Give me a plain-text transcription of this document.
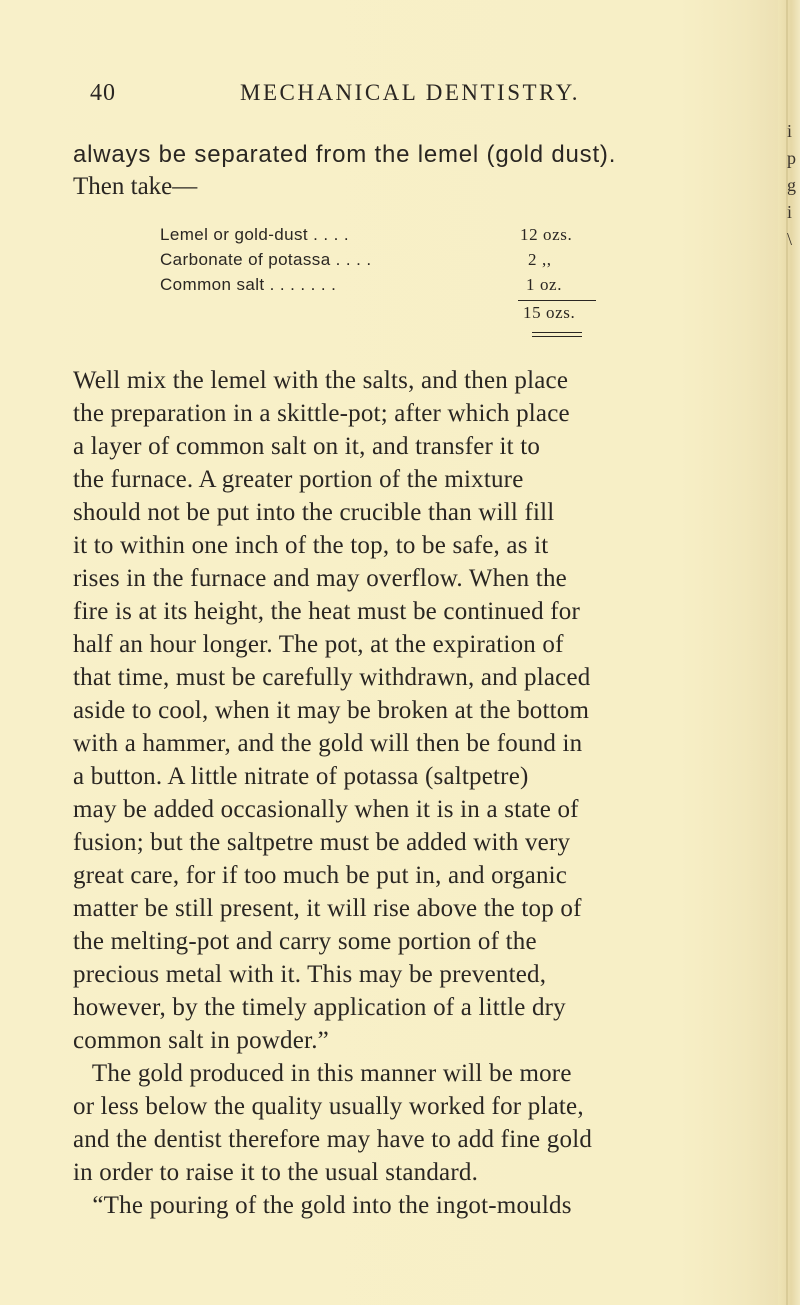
i
p
g
i
\
40	MECHANICAL DENTISTRY.
always be separated from the lemel (gold dust).
Then take—
Lemel or gold-dust . . . .	12 ozs.
Carbonate of potassa . . . .	2 ,,
Common salt . . . . . . .	1 oz.
15 ozs.
Well mix the lemel with the salts, and then place
the preparation in a skittle-pot; after which place
a layer of common salt on it, and transfer it to
the furnace. A greater portion of the mixture
should not be put into the crucible than will fill
it to within one inch of the top, to be safe, as it
rises in the furnace and may overflow. When the
fire is at its height, the heat must be continued for
half an hour longer. The pot, at the expiration of
that time, must be carefully withdrawn, and placed
aside to cool, when it may be broken at the bottom
with a hammer, and the gold will then be found in
a button. A little nitrate of potassa (saltpetre)
may be added occasionally when it is in a state of
fusion; but the saltpetre must be added with very
great care, for if too much be put in, and organic
matter be still present, it will rise above the top of
the melting-pot and carry some portion of the
precious metal with it. This may be prevented,
however, by the timely application of a little dry
common salt in powder.”
The gold produced in this manner will be more
or less below the quality usually worked for plate,
and the dentist therefore may have to add fine gold
in order to raise it to the usual standard.
“The pouring of the gold into the ingot-moulds
